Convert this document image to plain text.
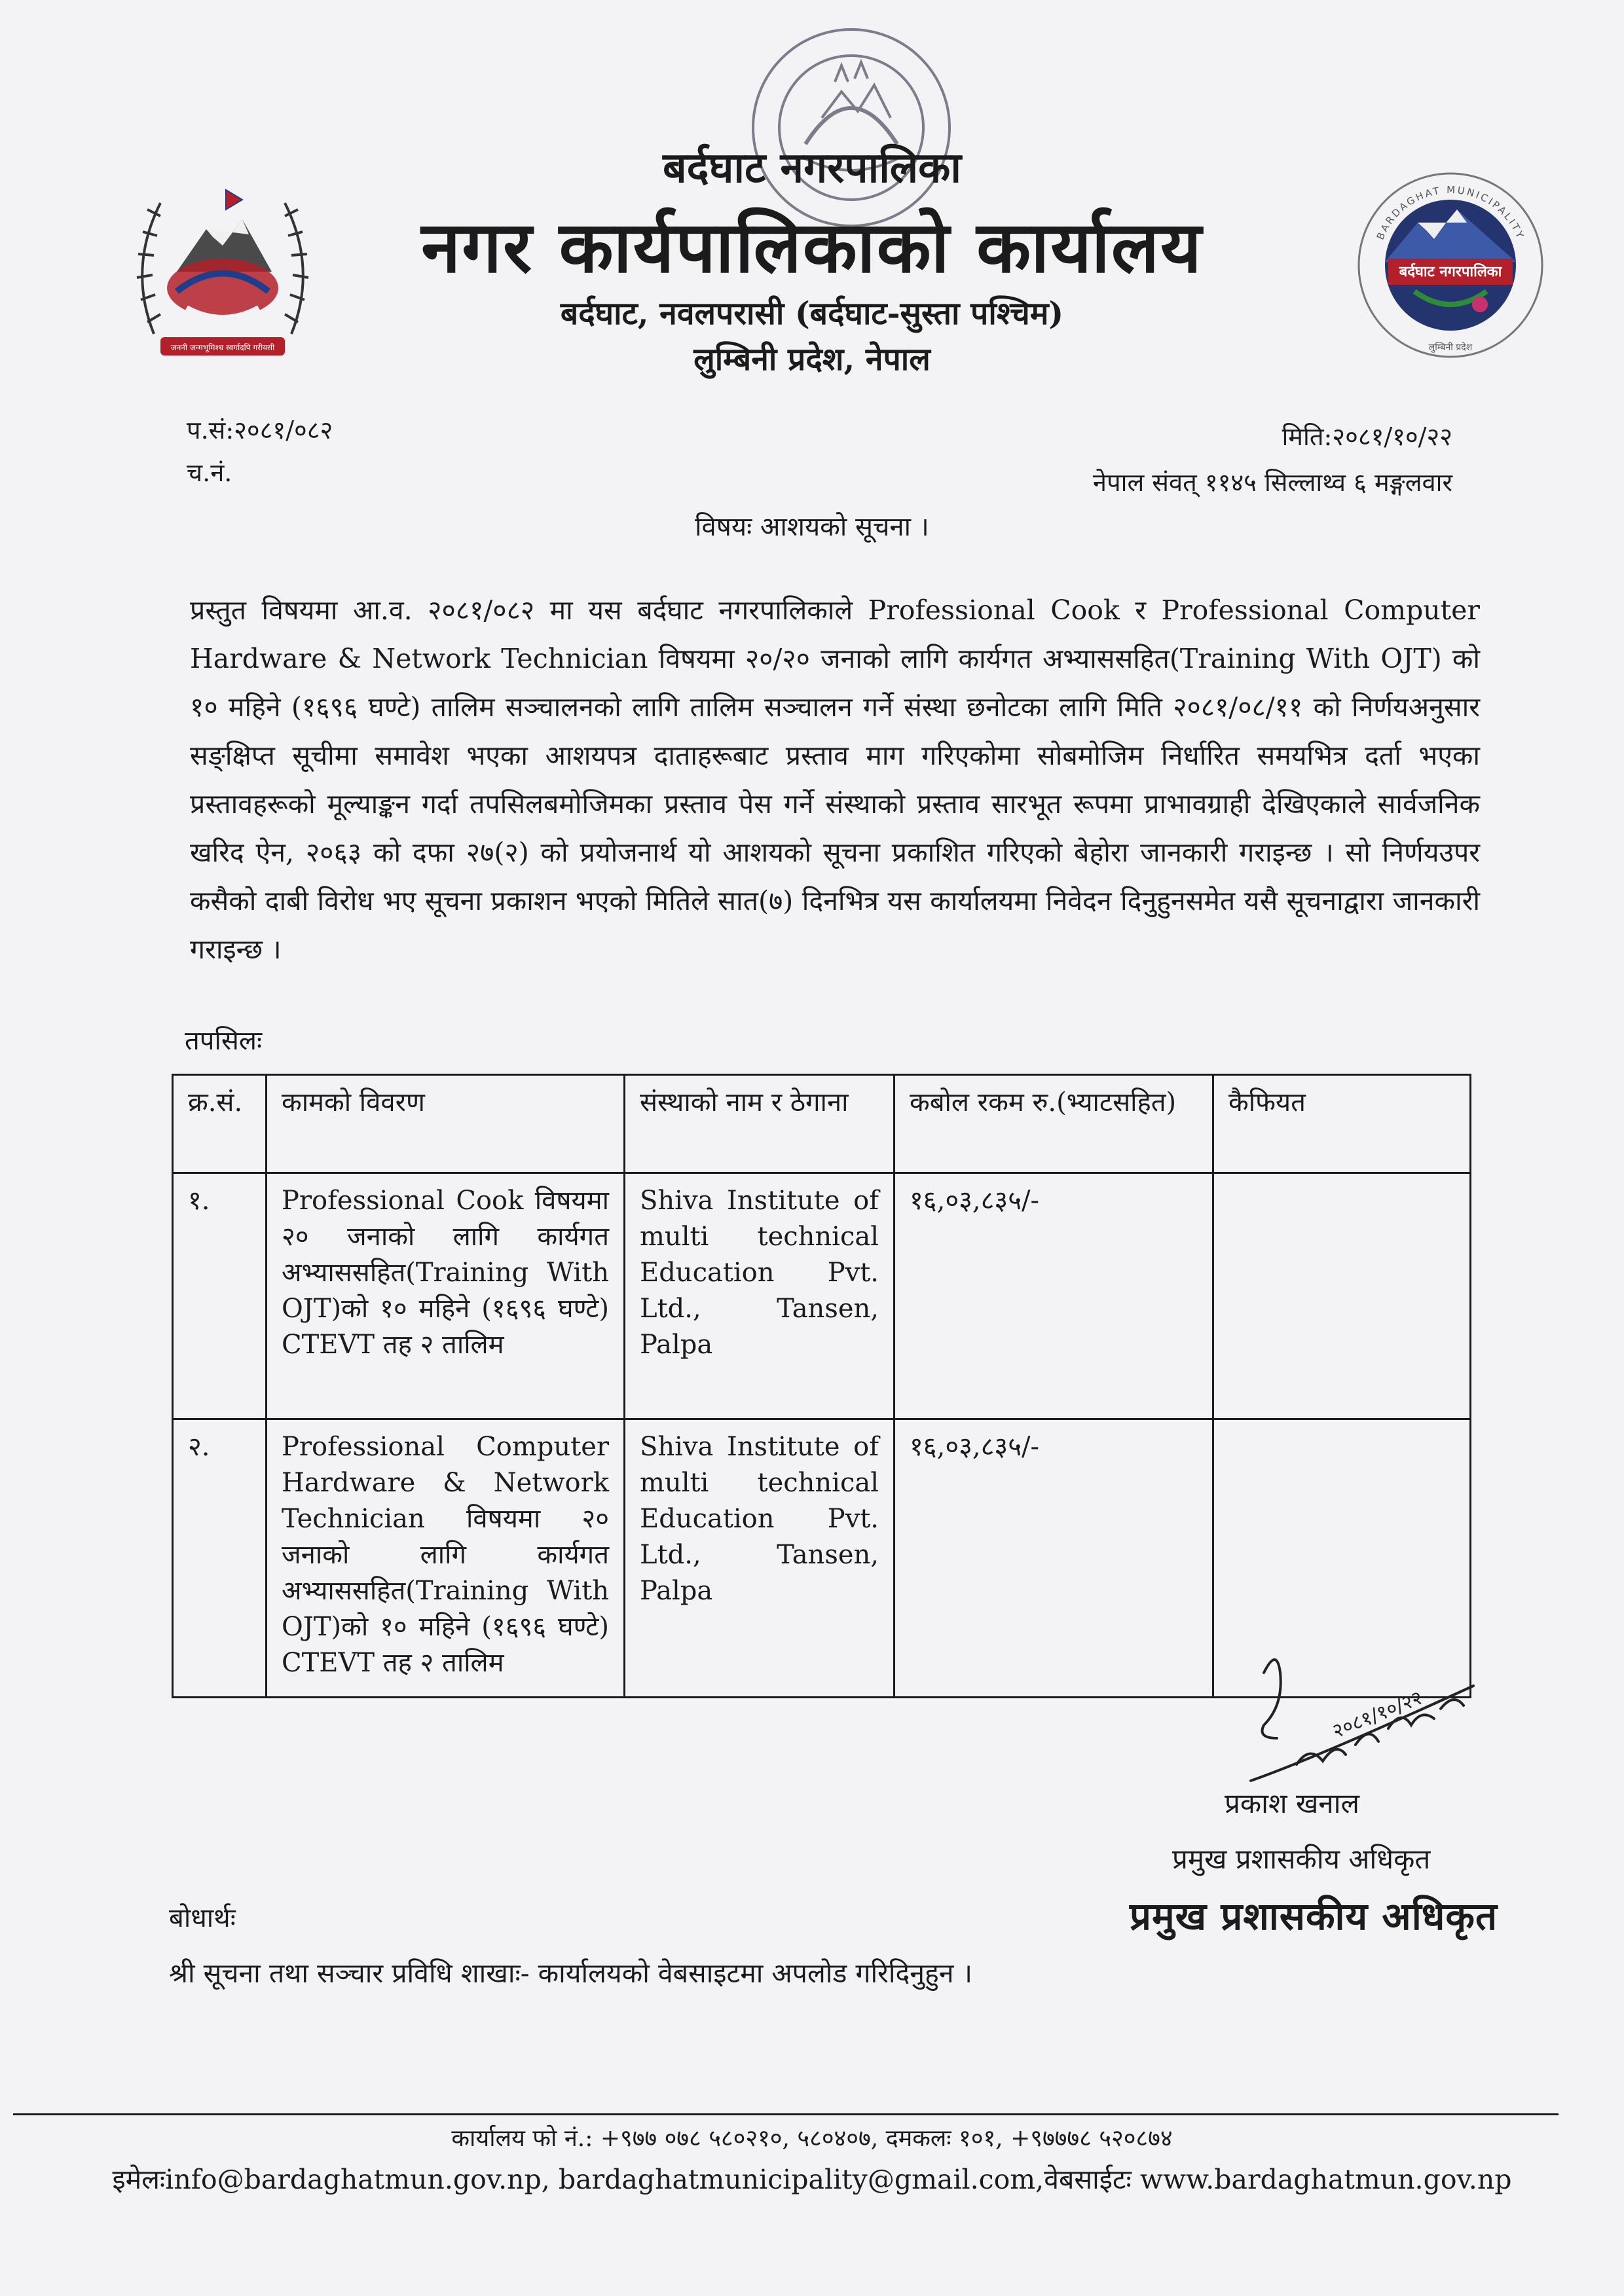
जननी जन्मभूमिश्च स्वर्गादपि गरीयसी
बर्दघाट नगरपालिका
BARDAGHAT MUNICIPALITY
लुम्बिनी प्रदेश
बर्दघाट नगरपालिका
नगर कार्यपालिकाको कार्यालय
बर्दघाट, नवलपरासी (बर्दघाट-सुस्ता पश्चिम)
लुम्बिनी प्रदेश, नेपाल
प.सं:२०८१/०८२
च.नं.
मिति:२०८१/१०/२२
नेपाल संवत् ११४५ सिल्लाथ्व ६ मङ्गलवार
विषयः आशयको सूचना ।
प्रस्तुत विषयमा आ.व. २०८१/०८२ मा यस बर्दघाट नगरपालिकाले Professional Cook र Professional Computer Hardware & Network Technician विषयमा २०/२० जनाको लागि कार्यगत अभ्याससहित(Training With OJT) को १० महिने (१६९६ घण्टे) तालिम सञ्चालनको लागि तालिम सञ्चालन गर्ने संस्था छनोटका लागि मिति २०८१/०८/११ को निर्णयअनुसार सङ्क्षिप्त सूचीमा समावेश भएका आशयपत्र दाताहरूबाट प्रस्ताव माग गरिएकोमा सोबमोजिम निर्धारित समयभित्र दर्ता भएका प्रस्तावहरूको मूल्याङ्कन गर्दा तपसिलबमोजिमका प्रस्ताव पेस गर्ने संस्थाको प्रस्ताव सारभूत रूपमा प्राभावग्राही देखिएकाले सार्वजनिक खरिद ऐन, २०६३ को दफा २७(२) को प्रयोजनार्थ यो आशयको सूचना प्रकाशित गरिएको बेहोरा जानकारी गराइन्छ । सो निर्णयउपर कसैको दाबी विरोध भए सूचना प्रकाशन भएको मितिले सात(७) दिनभित्र यस कार्यालयमा निवेदन दिनुहुनसमेत यसै सूचनाद्वारा जानकारी गराइन्छ ।
तपसिलः
क्र.सं.	कामको विवरण	संस्थाको नाम र ठेगाना	कबोल रकम रु.(भ्याटसहित)	कैफियत
१.	Professional Cook विषयमा २० जनाको लागि कार्यगत अभ्याससहित(Training With OJT)को १० महिने (१६९६ घण्टे) CTEVT तह २ तालिम	Shiva Institute of multi technical Education Pvt. Ltd., Tansen, Palpa	१६,०३,८३५/-	
२.	Professional Computer Hardware & Network Technician विषयमा २० जनाको लागि कार्यगत अभ्याससहित(Training With OJT)को १० महिने (१६९६ घण्टे) CTEVT तह २ तालिम	Shiva Institute of multi technical Education Pvt. Ltd., Tansen, Palpa	१६,०३,८३५/-	
२०८१/१०/२२
प्रकाश खनाल
प्रमुख प्रशासकीय अधिकृत
प्रमुख प्रशासकीय अधिकृत
बोधार्थः
श्री सूचना तथा सञ्चार प्रविधि शाखाः- कार्यालयको वेबसाइटमा अपलोड गरिदिनुहुन ।
कार्यालय फो नं.: +९७७ ०७८ ५८०२१०, ५८०४०७, दमकलः १०१, +९७७७८ ५२०८७४
इमेलःinfo@bardaghatmun.gov.np, bardaghatmunicipality@gmail.com,वेबसाईटः www.bardaghatmun.gov.np
